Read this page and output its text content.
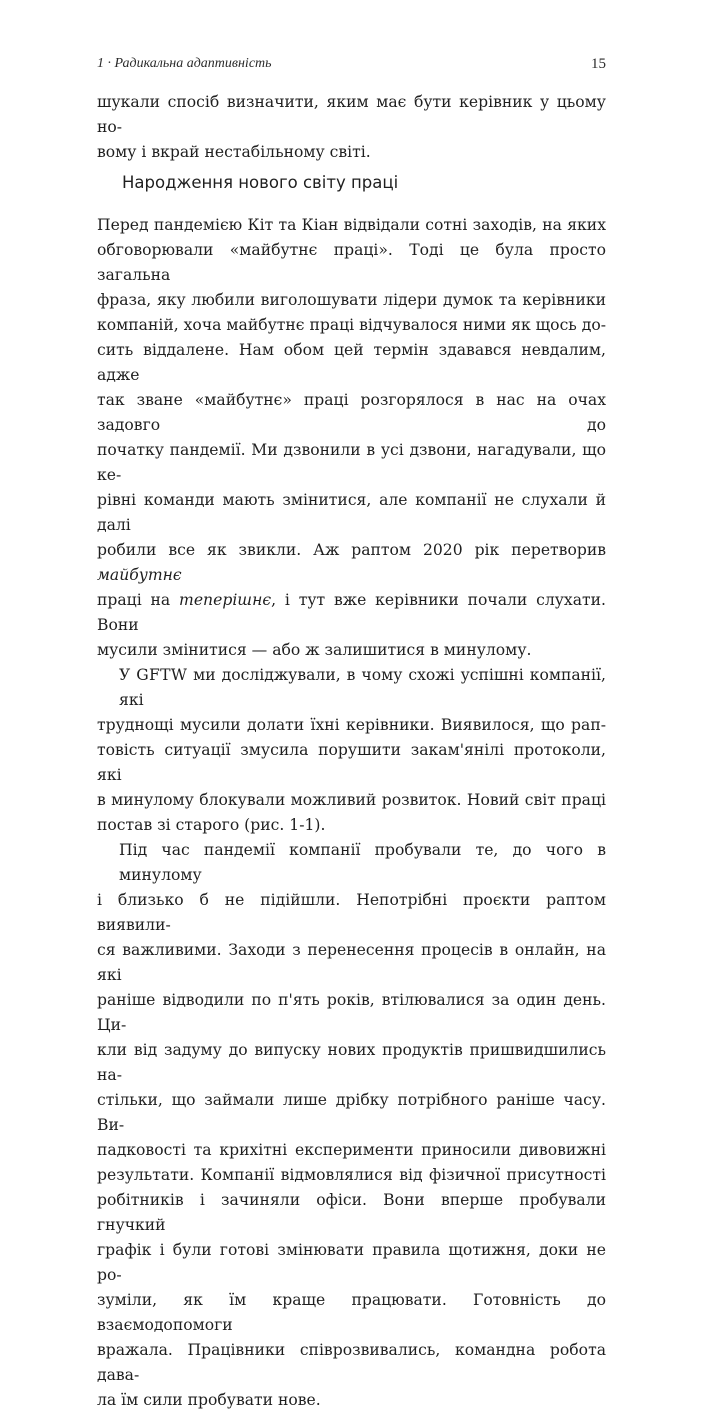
1 · Радикальна адаптивність	15
шукали спосіб визначити, яким має бути керівник у цьому но-
вому і вкрай нестабільному світі.
Народження нового світу праці
Перед пандемією Кіт та Кіан відвідали сотні заходів, на яких
обговорювали «майбутнє праці». Тоді це була просто загальна
фраза, яку любили виголошувати лідери думок та керівники
компаній, хоча майбутнє праці відчувалося ними як щось до-
сить віддалене. Нам обом цей термін здавався невдалим, адже
так зване «майбутнє» праці розгорялося в нас на очах задовго до
початку пандемії. Ми дзвонили в усі дзвони, нагадували, що ке-
рівні команди мають змінитися, але компанії не слухали й далі
робили все як звикли. Аж раптом 2020 рік перетворив майбутнє
праці на теперішнє, і тут вже керівники почали слухати. Вони
мусили змінитися — або ж залишитися в минулому.
У GFTW ми досліджували, в чому схожі успішні компанії, які
труднощі мусили долати їхні керівники. Виявилося, що рап-
товість ситуації змусила порушити закам'янілі протоколи, які
в минулому блокували можливий розвиток. Новий світ праці
постав зі старого (рис. 1-1).
Під час пандемії компанії пробували те, до чого в минулому
і близько б не підійшли. Непотрібні проєкти раптом виявили-
ся важливими. Заходи з перенесення процесів в онлайн, на які
раніше відводили по п'ять років, втілювалися за один день. Ци-
кли від задуму до випуску нових продуктів пришвидшились на-
стільки, що займали лише дрібку потрібного раніше часу. Ви-
падковості та крихітні експерименти приносили дивовижні
результати. Компанії відмовлялися від фізичної присутності
робітників і зачиняли офіси. Вони вперше пробували гнучкий
графік і були готові змінювати правила щотижня, доки не ро-
зуміли, як їм краще працювати. Готовність до взаємодопомоги
вражала. Працівники співрозвивались, командна робота дава-
ла їм сили пробувати нове.
